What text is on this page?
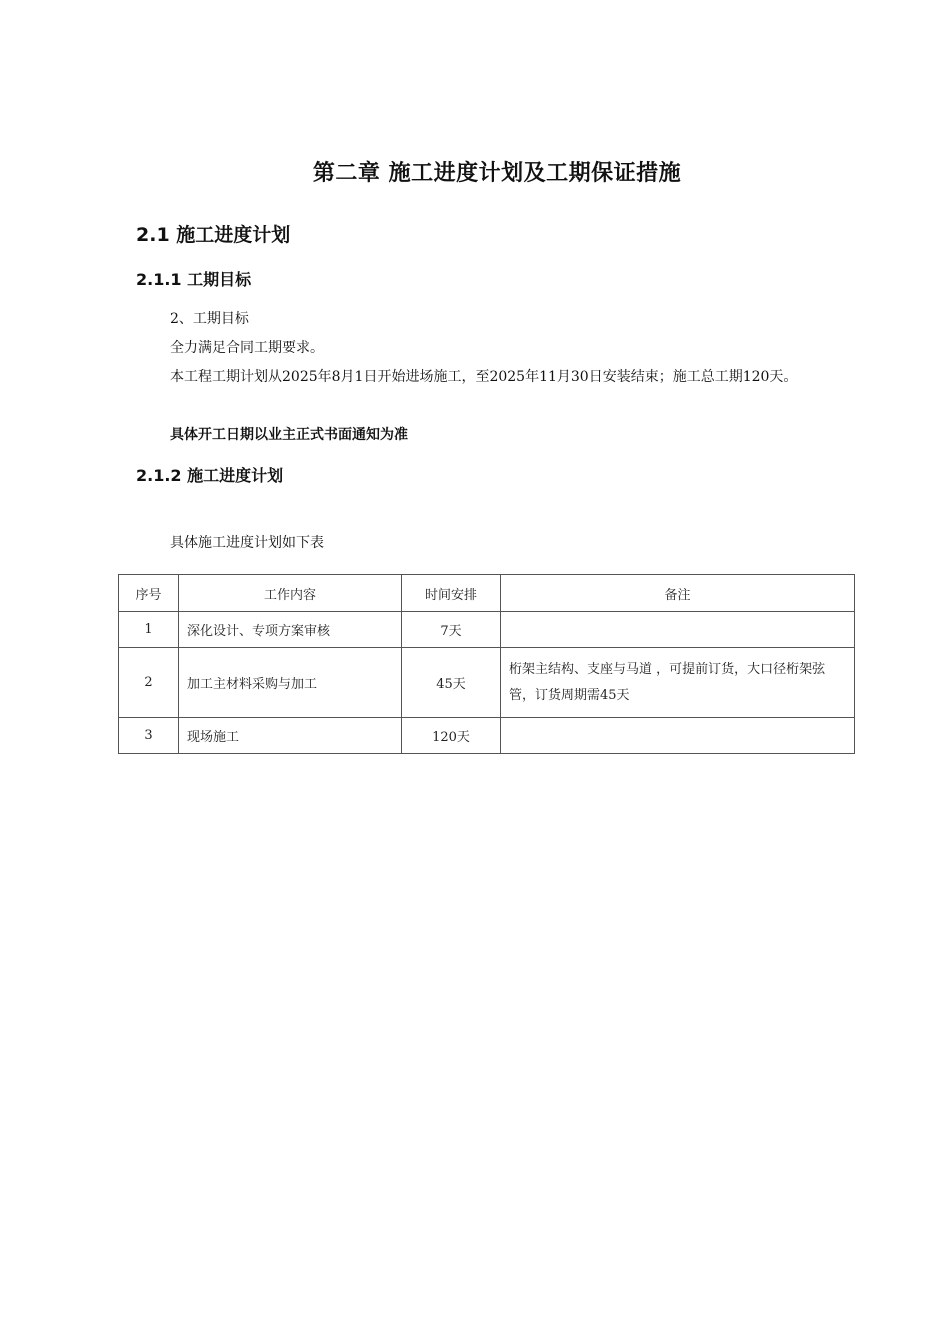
第二章 施工进度计划及工期保证措施
2.1 施工进度计划
2.1.1 工期目标

2、工期目标

全力满足合同工期要求。

本工程工期计划从2025年8月1日开始进场施工，至2025年11月30日安装结束；施工总工期120天。

具体开工日期以业主正式书面通知为准

2.1.2 施工进度计划

具体施工进度计划如下表

序号	工作内容	时间安排	备注
1	深化设计、专项方案审核	7天	
2	加工主材料采购与加工	45天	桁架主结构、支座与马道 ，可提前订货，大口径桁架弦管，订货周期需45天
3	现场施工	120天	
